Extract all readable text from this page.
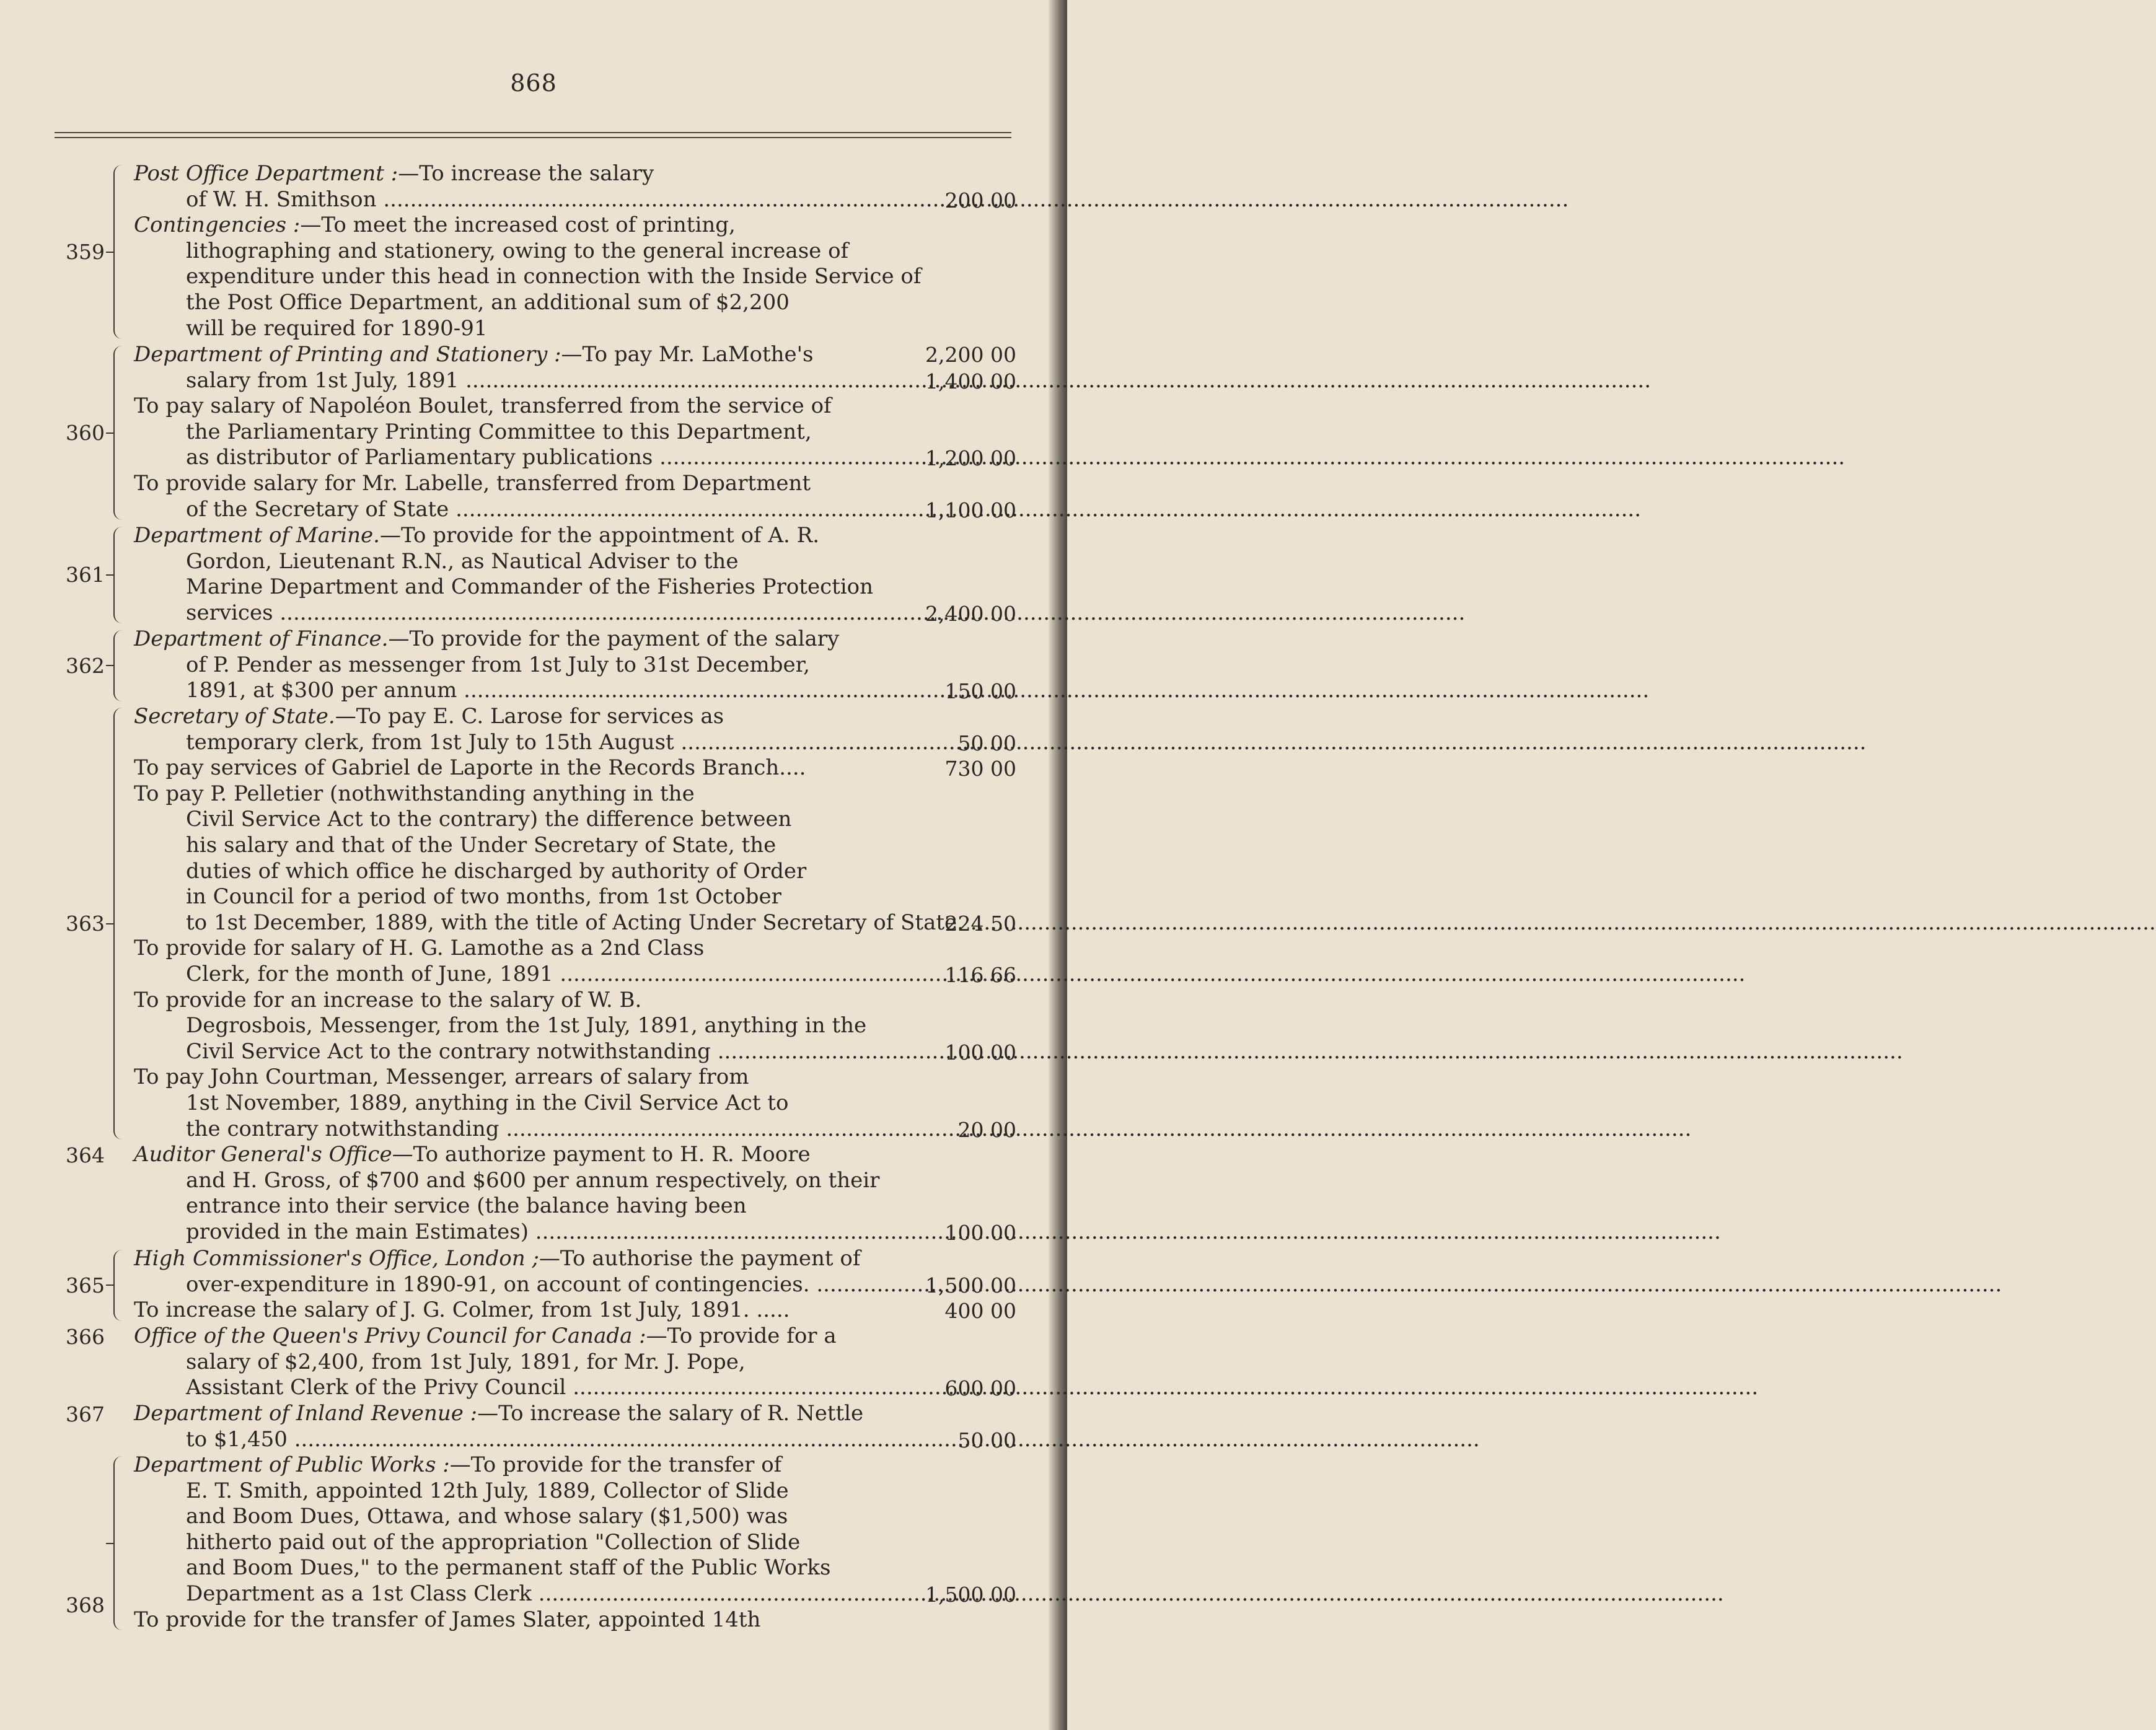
868
200 00
2,200 00
359
Post Office Department :—To increase the salary
of W. H. Smithson .....
Contingencies :—To meet the increased cost of printing,
lithographing and stationery, owing to the general increase of
expenditure under this head in connection with the Inside Service of
the Post Office Department, an additional sum of $2,200
will be required for 1890-91
1,400 00
1,200 00
1,100 00
360
Department of Printing and Stationery :—To pay Mr. LaMothe's
salary from 1st July, 1891 .....
To pay salary of Napoléon Boulet, transferred from the service of
the Parliamentary Printing Committee to this Department,
as distributor of Parliamentary publications .....
To provide salary for Mr. Labelle, transferred from Department
of the Secretary of State .....
2,400 00
361
Department of Marine.—To provide for the appointment of A. R.
Gordon, Lieutenant R.N., as Nautical Adviser to the
Marine Department and Commander of the Fisheries Protection
services .....
150 00
362
Department of Finance.—To provide for the payment of the salary
of P. Pender as messenger from 1st July to 31st December,
1891, at $300 per annum .....
50 00
730 00
224 50
116 66
100 00
20 00
363
Secretary of State.—To pay E. C. Larose for services as
temporary clerk, from 1st July to 15th August .....
To pay services of Gabriel de Laporte in the Records Branch....
To pay P. Pelletier (nothwithstanding anything in the
Civil Service Act to the contrary) the difference between
his salary and that of the Under Secretary of State, the
duties of which office he discharged by authority of Order
in Council for a period of two months, from 1st October
to 1st December, 1889, with the title of Acting Under Secretary of State. .....
To provide for salary of H. G. Lamothe as a 2nd Class
Clerk, for the month of June, 1891 .....
To provide for an increase to the salary of W. B.
Degrosbois, Messenger, from the 1st July, 1891, anything in the
Civil Service Act to the contrary notwithstanding .....
To pay John Courtman, Messenger, arrears of salary from
1st November, 1889, anything in the Civil Service Act to
the contrary notwithstanding .....
100 00
364 Auditor General's Office—To authorize payment to H. R. Moore
and H. Gross, of $700 and $600 per annum respectively, on their
entrance into their service (the balance having been
provided in the main Estimates) .....
1,500 00
400 00
365
High Commissioner's Office, London ;—To authorise the payment of
over-expenditure in 1890-91, on account of contingencies. .....
To increase the salary of J. G. Colmer, from 1st July, 1891. .....
600 00
366 Office of the Queen's Privy Council for Canada :—To provide for a
salary of $2,400, from 1st July, 1891, for Mr. J. Pope,
Assistant Clerk of the Privy Council .....
50 00
367 Department of Inland Revenue :—To increase the salary of R. Nettle
to $1,450 .....
1,500 00
368
Department of Public Works :—To provide for the transfer of
E. T. Smith, appointed 12th July, 1889, Collector of Slide
and Boom Dues, Ottawa, and whose salary ($1,500) was
hitherto paid out of the appropriation "Collection of Slide
and Boom Dues," to the permanent staff of the Public Works
Department as a 1st Class Clerk .....
To provide for the transfer of James Slater, appointed 14th
